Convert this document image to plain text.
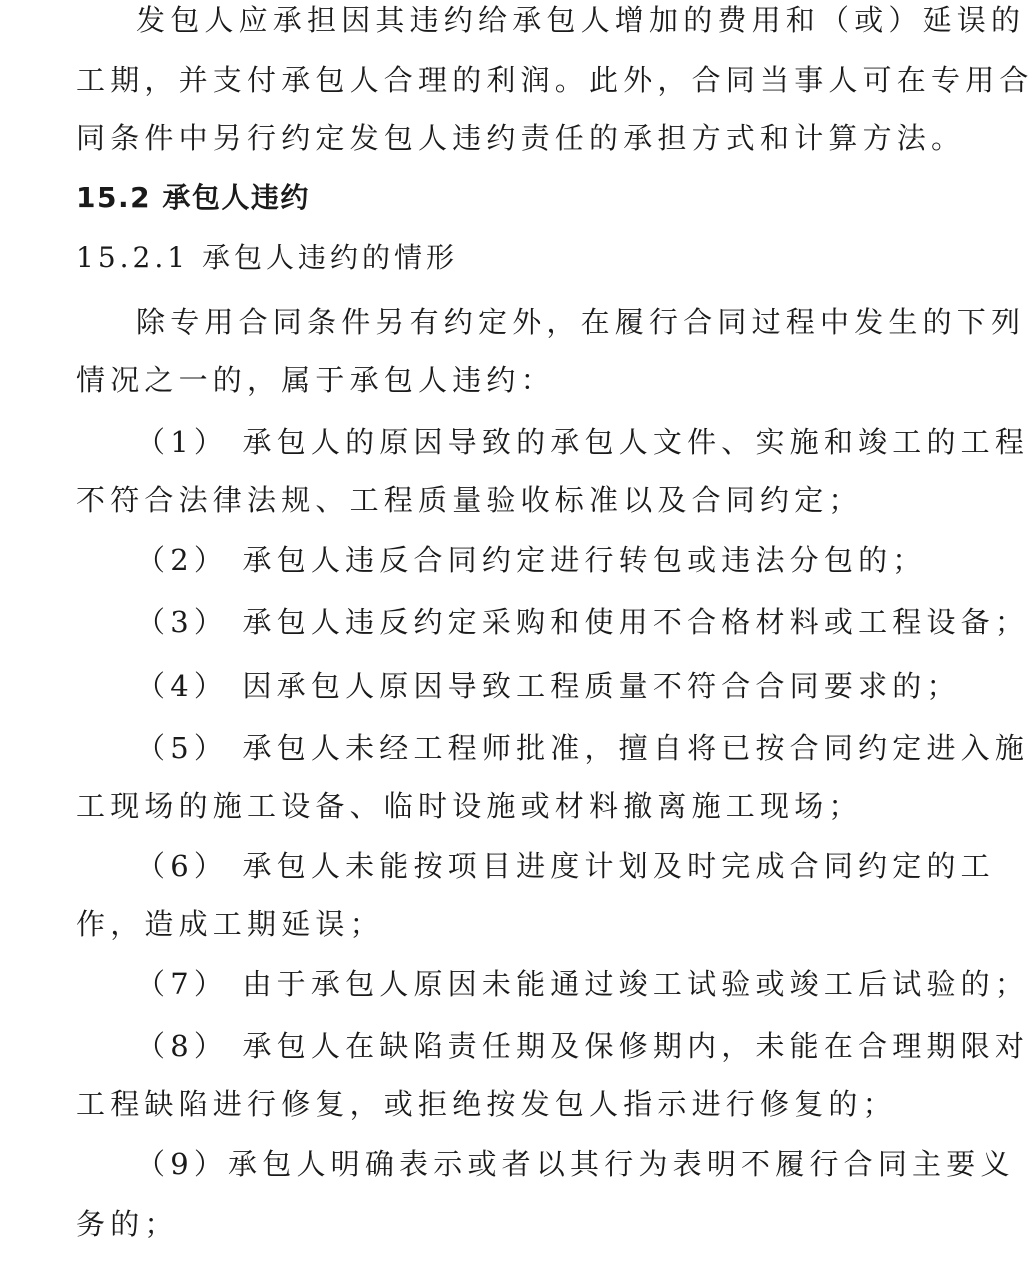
发包人应承担因其违约给承包人增加的费用和（或）延误的
工期，并支付承包人合理的利润。此外，合同当事人可在专用合
同条件中另行约定发包人违约责任的承担方式和计算方法。
15.2 承包人违约
15.2.1 承包人违约的情形
除专用合同条件另有约定外，在履行合同过程中发生的下列
情况之一的，属于承包人违约：
（1） 承包人的原因导致的承包人文件、实施和竣工的工程
不符合法律法规、工程质量验收标准以及合同约定；
（2） 承包人违反合同约定进行转包或违法分包的；
（3） 承包人违反约定采购和使用不合格材料或工程设备；
（4） 因承包人原因导致工程质量不符合合同要求的；
（5） 承包人未经工程师批准，擅自将已按合同约定进入施
工现场的施工设备、临时设施或材料撤离施工现场；
（6） 承包人未能按项目进度计划及时完成合同约定的工
作，造成工期延误；
（7） 由于承包人原因未能通过竣工试验或竣工后试验的；
（8） 承包人在缺陷责任期及保修期内，未能在合理期限对
工程缺陷进行修复，或拒绝按发包人指示进行修复的；
（9）承包人明确表示或者以其行为表明不履行合同主要义
务的；
